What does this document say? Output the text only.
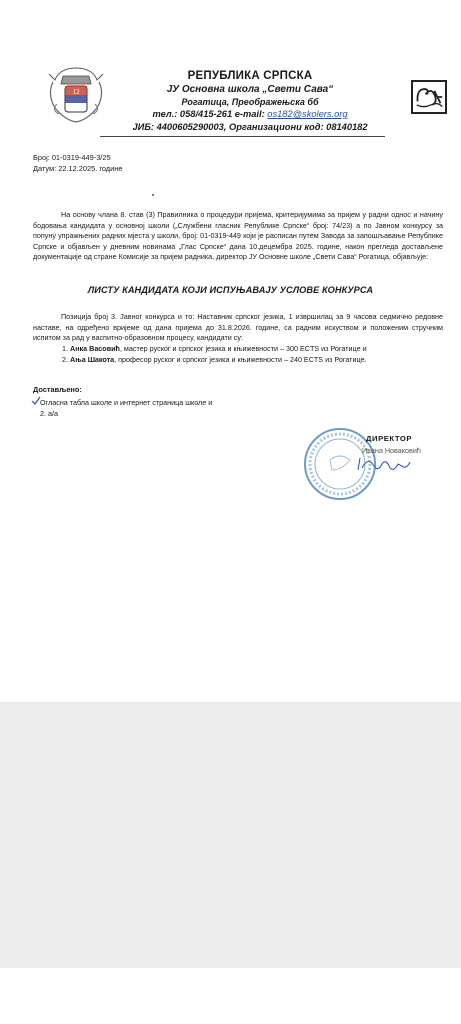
12
РЕПУБЛИКА СРПСКА
ЈУ Основна школа „Свети Сава“
Рогатица, Преображењска бб
тел.: 058/415-261 e-mail: os182@skolers.org
ЈИБ: 4400605290003, Организациони код: 08140182
Број: 01-0319-449-3/25
Датум: 22.12.2025. године
На основу члана 8. став (3) Правилника о процедури пријема, критеријумима за пријем у радни однос и начину бодовања кандидата у основној школи („Службени гласник Републике Српске“ број: 74/23) а по Јавном конкурсу за попуну упражњених радних мјеста у школи, број: 01-0319-449 који је расписан путем Завода за запошљавање Републике Српске и објављен у дневним новинама „Глас Српске“ дана 10.децембра 2025. године, након прегледа достављене документације од стране Комисије за пријем радника, директор ЈУ Основне школе „Свети Сава“ Рогатица, објављује:
ЛИСТУ КАНДИДАТА КОЈИ ИСПУЊАВАЈУ УСЛОВЕ КОНКУРСА
Позиција број 3. Јавног конкурса и то: Наставник српског језика, 1 извршилац за 9 часова седмично редовне наставе, на одређено вријеме од дана пријема до 31.8.2026. године, са радним искуством и положеним стручним испитом за рад у васпитно-образовном процесу, кандидати су:
1. Анка Васовић, мастер руског и српског језика и књижевности – 300 ECTS из Рогатице и
2. Ања Шакота, професор руског и српског језика и књижевности – 240 ECTS из Рогатице.
Достављено:
Огласна табла школе и интернет страница школе и
2. а/а
ДИРЕКТОР
Ивана Новаковић
